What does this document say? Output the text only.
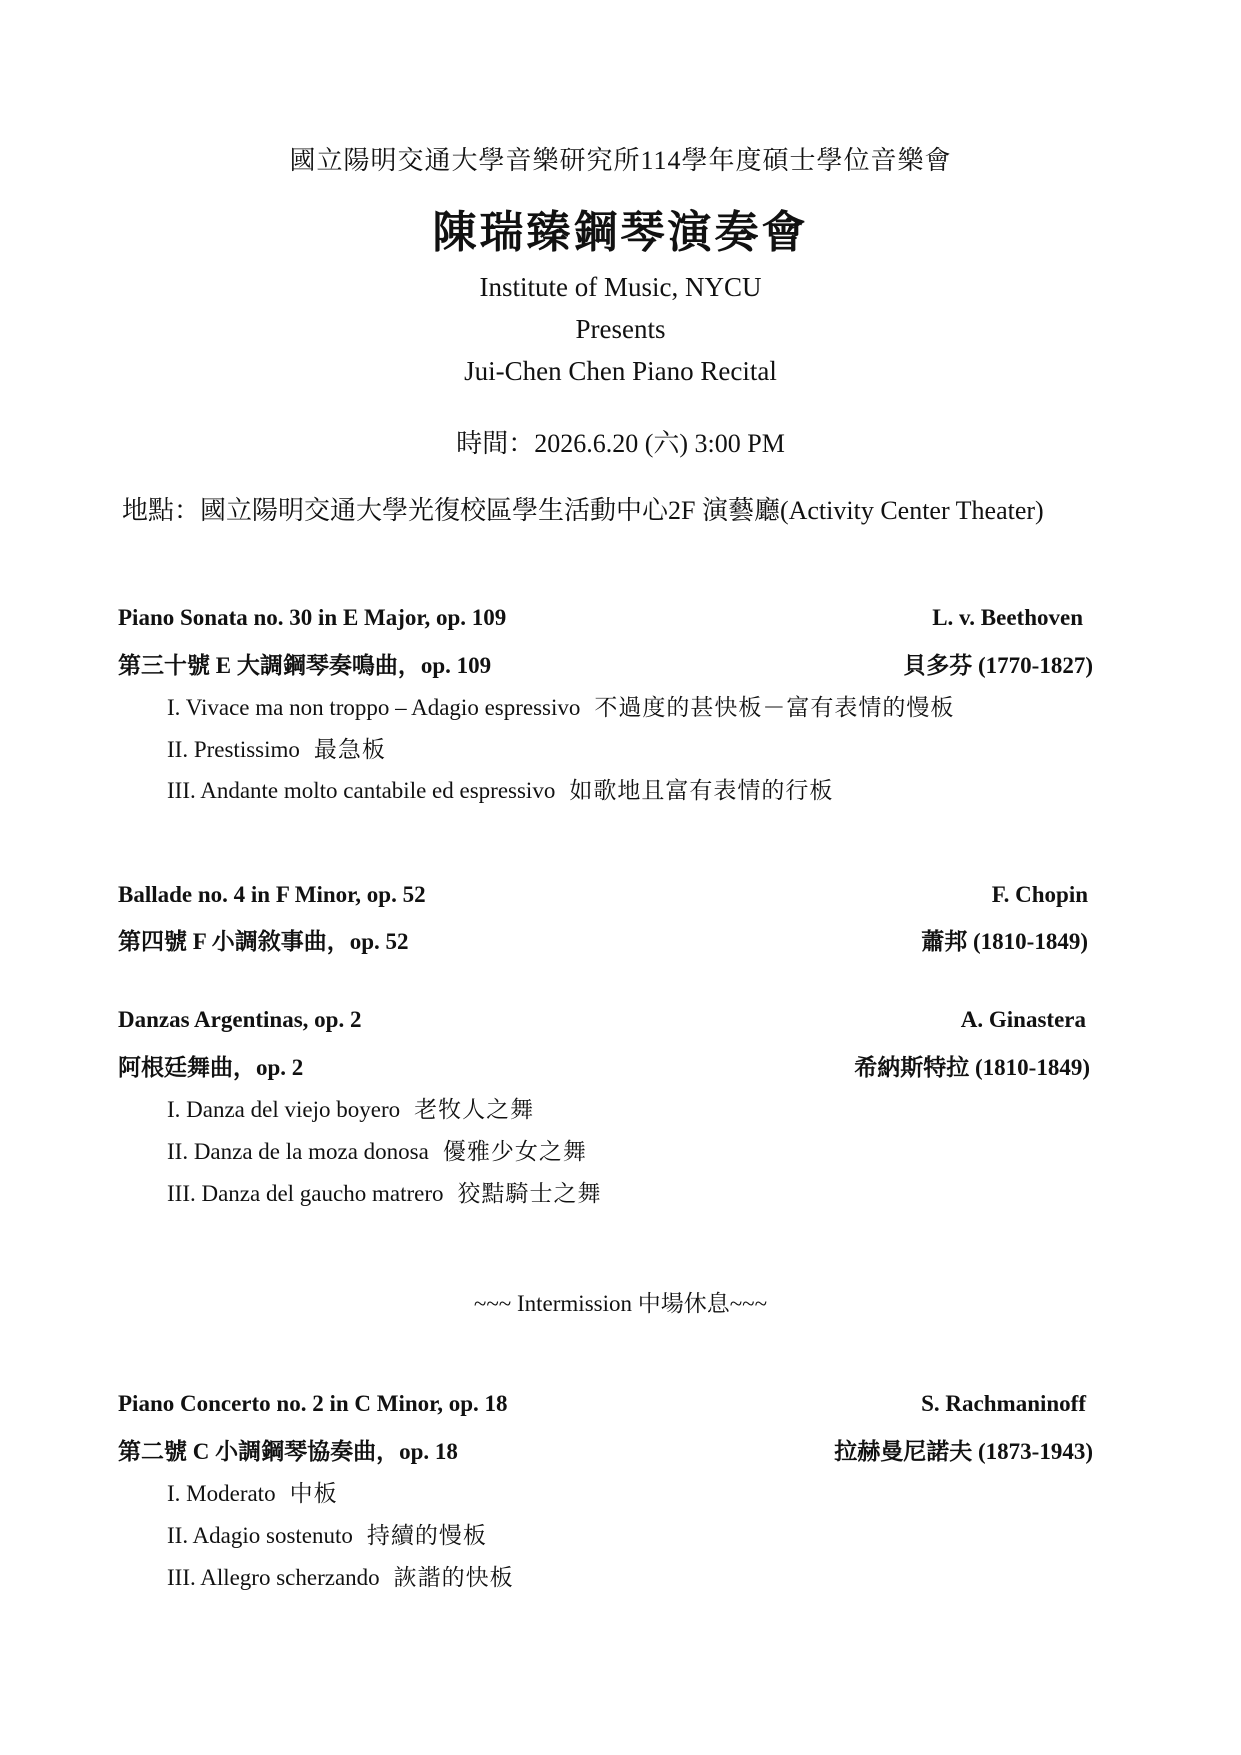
國立陽明交通大學音樂研究所114學年度碩士學位音樂會
陳瑞臻鋼琴演奏會
Institute of Music, NYCU
Presents
Jui-Chen Chen Piano Recital
時間：2026.6.20 (六) 3:00 PM
地點：國立陽明交通大學光復校區學生活動中心2F 演藝廳(Activity Center Theater)
Piano Sonata no. 30 in E Major, op. 109	L. v. Beethoven
第三十號 E 大調鋼琴奏鳴曲，op. 109	貝多芬 (1770-1827)
I. Vivace ma non troppo – Adagio espressivo 不過度的甚快板－富有表情的慢板
II. Prestissimo 最急板
III. Andante molto cantabile ed espressivo 如歌地且富有表情的行板
Ballade no. 4 in F Minor, op. 52	F. Chopin
第四號 F 小調敘事曲，op. 52	蕭邦 (1810-1849)
Danzas Argentinas, op. 2	A. Ginastera
阿根廷舞曲，op. 2	希納斯特拉 (1810-1849)
I. Danza del viejo boyero 老牧人之舞
II. Danza de la moza donosa 優雅少女之舞
III. Danza del gaucho matrero 狡黠騎士之舞
~~~ Intermission 中場休息~~~
Piano Concerto no. 2 in C Minor, op. 18	S. Rachmaninoff
第二號 C 小調鋼琴協奏曲，op. 18	拉赫曼尼諾夫 (1873-1943)
I. Moderato 中板
II. Adagio sostenuto 持續的慢板
III. Allegro scherzando 詼諧的快板
